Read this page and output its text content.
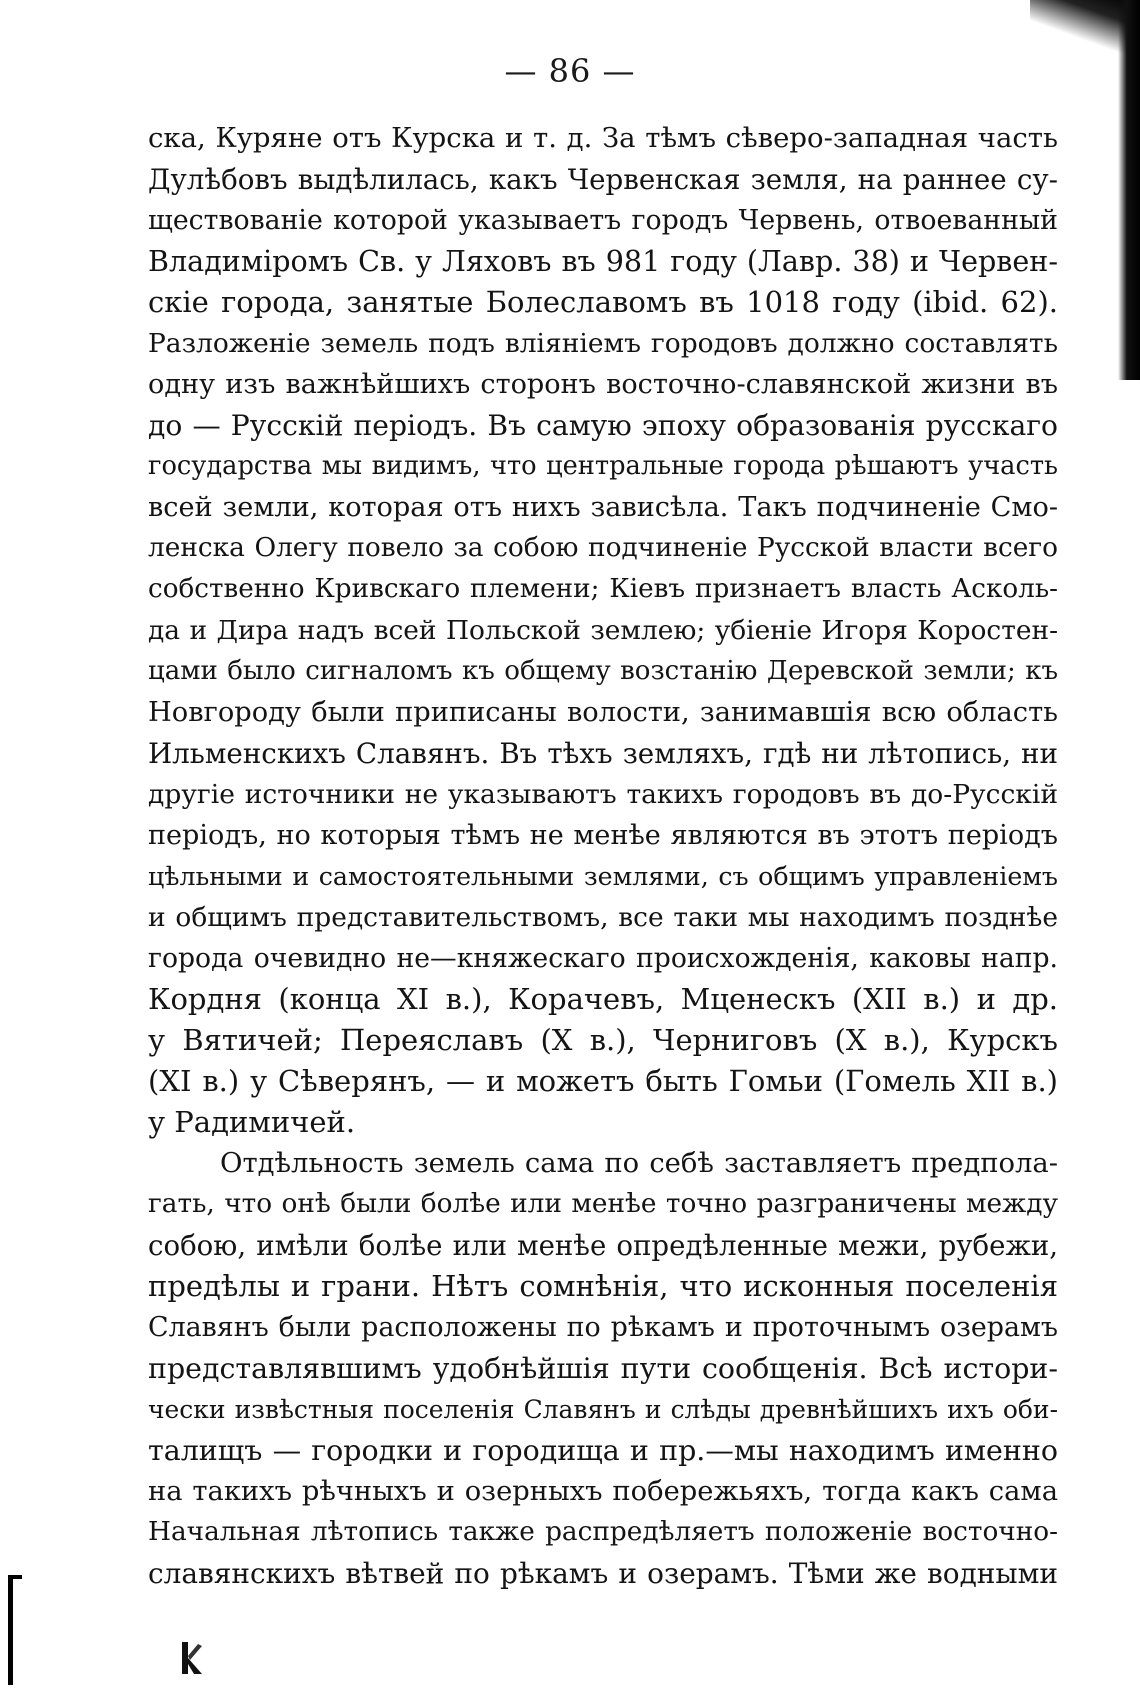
— 86 —
ска, Куряне отъ Курска и т. д. За тѣмъ сѣверо-западная часть
Дулѣбовъ выдѣлилась, какъ Червенская земля, на раннее су-
ществованіе которой указываетъ городъ Червень, отвоеванный
Владиміромъ Св. у Ляховъ въ 981 году (Лавр. 38) и Червен-
скіе города, занятые Болеславомъ въ 1018 году (ibid. 62).
Разложеніе земель подъ вліяніемъ городовъ должно составлять
одну изъ важнѣйшихъ сторонъ восточно-славянской жизни въ
до — Русскій періодъ. Въ самую эпоху образованія русскаго
государства мы видимъ, что центральные города рѣшаютъ участь
всей земли, которая отъ нихъ зависѣла. Такъ подчиненіе Смо-
ленска Олегу повело за собою подчиненіе Русской власти всего
собственно Кривскаго племени; Кіевъ признаетъ власть Асколь-
да и Дира надъ всей Польской землею; убіеніе Игоря Коростен-
цами было сигналомъ къ общему возстанію Деревской земли; къ
Новгороду были приписаны волости, занимавшія всю область
Ильменскихъ Славянъ. Въ тѣхъ земляхъ, гдѣ ни лѣтопись, ни
другіе источники не указываютъ такихъ городовъ въ до-Русскій
періодъ, но которыя тѣмъ не менѣе являются въ этотъ періодъ
цѣльными и самостоятельными землями, съ общимъ управленіемъ
и общимъ представительствомъ, все таки мы находимъ позднѣе
города очевидно не—княжескаго происхожденія, каковы напр.
Кордня (конца XI в.), Корачевъ, Мценескъ (XII в.) и др.
у Вятичей; Переяславъ (X в.), Черниговъ (X в.), Курскъ
(XI в.) у Сѣверянъ, — и можетъ быть Гомьи (Гомель XII в.)
у Радимичей.
Отдѣльность земель сама по себѣ заставляетъ предпола-
гать, что онѣ были болѣе или менѣе точно разграничены между
собою, имѣли болѣе или менѣе опредѣленные межи, рубежи,
предѣлы и грани. Нѣтъ сомнѣнія, что исконныя поселенія
Славянъ были расположены по рѣкамъ и проточнымъ озерамъ
представлявшимъ удобнѣйшія пути сообщенія. Всѣ истори-
чески извѣстныя поселенія Славянъ и слѣды древнѣйшихъ ихъ оби-
талищъ — городки и городища и пр.—мы находимъ именно
на такихъ рѣчныхъ и озерныхъ побережьяхъ, тогда какъ сама
Начальная лѣтопись также распредѣляетъ положеніе восточно-
славянскихъ вѣтвей по рѣкамъ и озерамъ. Тѣми же водными
